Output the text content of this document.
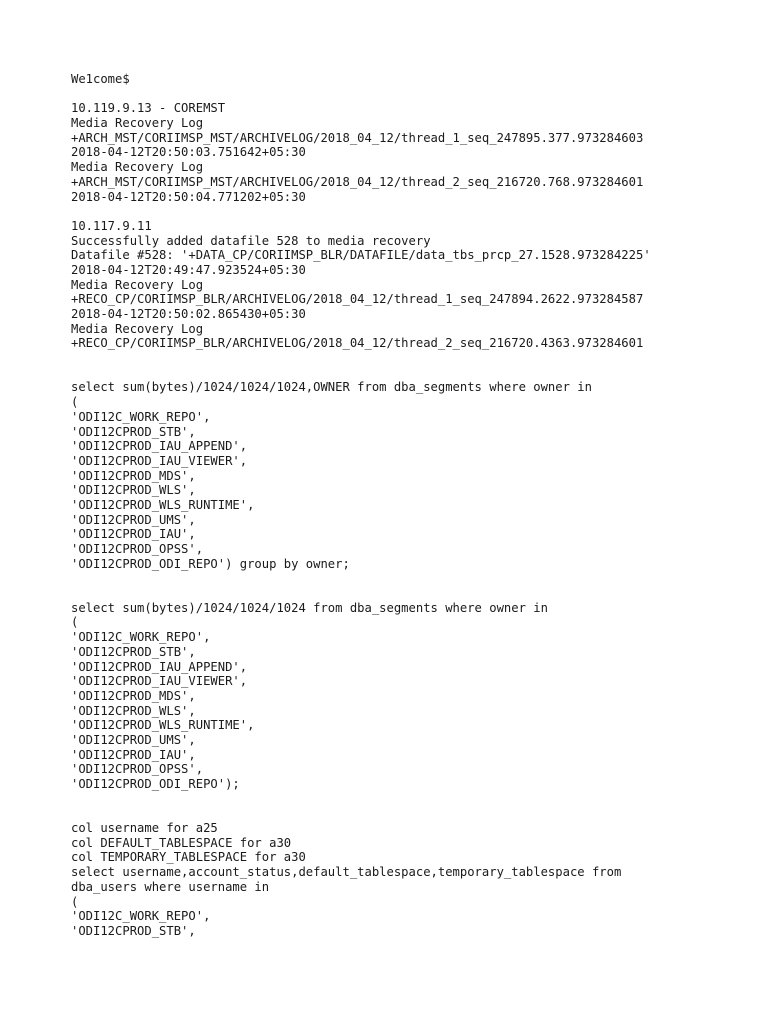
We1come$
10.119.9.13 - COREMST
Media Recovery Log
+ARCH_MST/CORIIMSP_MST/ARCHIVELOG/2018_04_12/thread_1_seq_247895.377.973284603
2018-04-12T20:50:03.751642+05:30
Media Recovery Log
+ARCH_MST/CORIIMSP_MST/ARCHIVELOG/2018_04_12/thread_2_seq_216720.768.973284601
2018-04-12T20:50:04.771202+05:30
10.117.9.11
Successfully added datafile 528 to media recovery
Datafile #528: '+DATA_CP/CORIIMSP_BLR/DATAFILE/data_tbs_prcp_27.1528.973284225'
2018-04-12T20:49:47.923524+05:30
Media Recovery Log
+RECO_CP/CORIIMSP_BLR/ARCHIVELOG/2018_04_12/thread_1_seq_247894.2622.973284587
2018-04-12T20:50:02.865430+05:30
Media Recovery Log
+RECO_CP/CORIIMSP_BLR/ARCHIVELOG/2018_04_12/thread_2_seq_216720.4363.973284601
select sum(bytes)/1024/1024/1024,OWNER from dba_segments where owner in
(
'ODI12C_WORK_REPO',
'ODI12CPROD_STB',
'ODI12CPROD_IAU_APPEND',
'ODI12CPROD_IAU_VIEWER',
'ODI12CPROD_MDS',
'ODI12CPROD_WLS',
'ODI12CPROD_WLS_RUNTIME',
'ODI12CPROD_UMS',
'ODI12CPROD_IAU',
'ODI12CPROD_OPSS',
'ODI12CPROD_ODI_REPO') group by owner;
select sum(bytes)/1024/1024/1024 from dba_segments where owner in
(
'ODI12C_WORK_REPO',
'ODI12CPROD_STB',
'ODI12CPROD_IAU_APPEND',
'ODI12CPROD_IAU_VIEWER',
'ODI12CPROD_MDS',
'ODI12CPROD_WLS',
'ODI12CPROD_WLS_RUNTIME',
'ODI12CPROD_UMS',
'ODI12CPROD_IAU',
'ODI12CPROD_OPSS',
'ODI12CPROD_ODI_REPO');
col username for a25
col DEFAULT_TABLESPACE for a30
col TEMPORARY_TABLESPACE for a30
select username,account_status,default_tablespace,temporary_tablespace from
dba_users where username in
(
'ODI12C_WORK_REPO',
'ODI12CPROD_STB',
